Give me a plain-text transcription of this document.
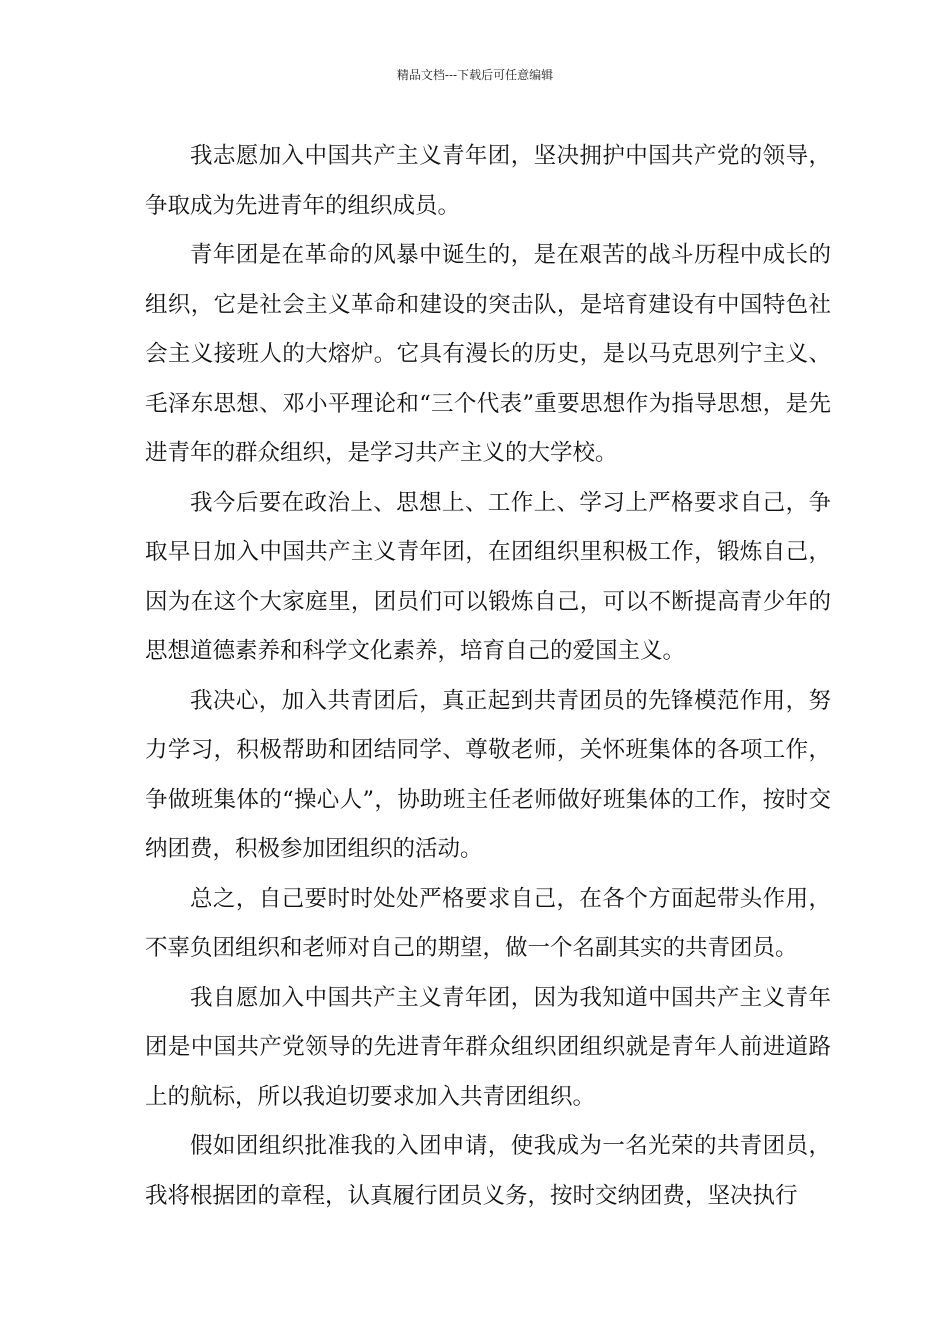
精品文档---下载后可任意编辑

我志愿加入中国共产主义青年团，坚决拥护中国共产党的领导，争取成为先进青年的组织成员。

青年团是在革命的风暴中诞生的，是在艰苦的战斗历程中成长的组织，它是社会主义革命和建设的突击队，是培育建设有中国特色社会主义接班人的大熔炉。它具有漫长的历史，是以马克思列宁主义、毛泽东思想、邓小平理论和“三个代表”重要思想作为指导思想，是先进青年的群众组织，是学习共产主义的大学校。

我今后要在政治上、思想上、工作上、学习上严格要求自己，争取早日加入中国共产主义青年团，在团组织里积极工作，锻炼自己，因为在这个大家庭里，团员们可以锻炼自己，可以不断提高青少年的思想道德素养和科学文化素养，培育自己的爱国主义。

我决心，加入共青团后，真正起到共青团员的先锋模范作用，努力学习，积极帮助和团结同学、尊敬老师，关怀班集体的各项工作，争做班集体的“操心人”，协助班主任老师做好班集体的工作，按时交纳团费，积极参加团组织的活动。

总之，自己要时时处处严格要求自己，在各个方面起带头作用，不辜负团组织和老师对自己的期望，做一个名副其实的共青团员。

我自愿加入中国共产主义青年团，因为我知道中国共产主义青年团是中国共产党领导的先进青年群众组织团组织就是青年人前进道路上的航标，所以我迫切要求加入共青团组织。

假如团组织批准我的入团申请，使我成为一名光荣的共青团员，我将根据团的章程，认真履行团员义务，按时交纳团费，坚决执行
